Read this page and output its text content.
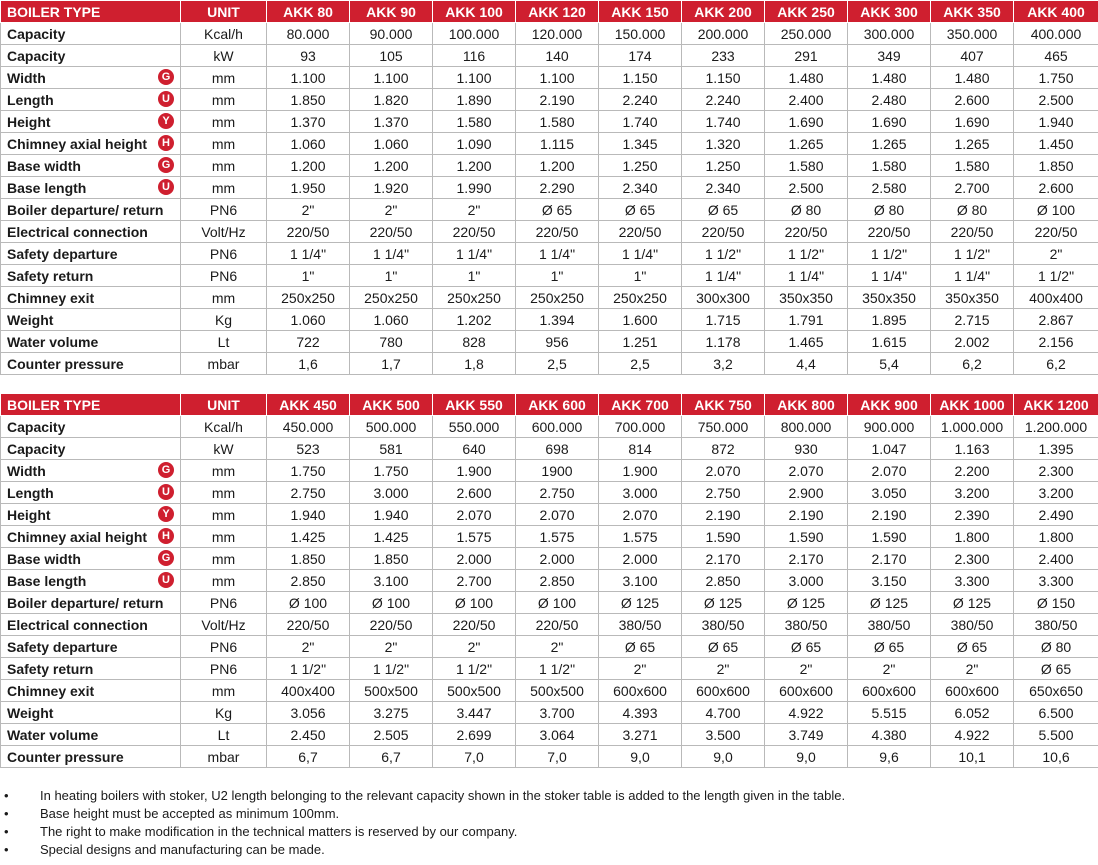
BOILER TYPE	UNIT	AKK 80	AKK 90	AKK 100	AKK 120	AKK 150	AKK 200	AKK 250	AKK 300	AKK 350	AKK 400
Capacity	Kcal/h	80.000	90.000	100.000	120.000	150.000	200.000	250.000	300.000	350.000	400.000
Capacity	kW	93	105	116	140	174	233	291	349	407	465
Width G	mm	1.100	1.100	1.100	1.100	1.150	1.150	1.480	1.480	1.480	1.750
Length U	mm	1.850	1.820	1.890	2.190	2.240	2.240	2.400	2.480	2.600	2.500
Height Y	mm	1.370	1.370	1.580	1.580	1.740	1.740	1.690	1.690	1.690	1.940
Chimney axial height H	mm	1.060	1.060	1.090	1.115	1.345	1.320	1.265	1.265	1.265	1.450
Base width G	mm	1.200	1.200	1.200	1.200	1.250	1.250	1.580	1.580	1.580	1.850
Base length U	mm	1.950	1.920	1.990	2.290	2.340	2.340	2.500	2.580	2.700	2.600
Boiler departure/ return	PN6	2"	2"	2"	Ø 65	Ø 65	Ø 65	Ø 80	Ø 80	Ø 80	Ø 100
Electrical connection	Volt/Hz	220/50	220/50	220/50	220/50	220/50	220/50	220/50	220/50	220/50	220/50
Safety departure	PN6	1 1/4"	1 1/4"	1 1/4"	1 1/4"	1 1/4"	1 1/2"	1 1/2"	1 1/2"	1 1/2"	2"
Safety return	PN6	1"	1"	1"	1"	1"	1 1/4"	1 1/4"	1 1/4"	1 1/4"	1 1/2"
Chimney exit	mm	250x250	250x250	250x250	250x250	250x250	300x300	350x350	350x350	350x350	400x400
Weight	Kg	1.060	1.060	1.202	1.394	1.600	1.715	1.791	1.895	2.715	2.867
Water volume	Lt	722	780	828	956	1.251	1.178	1.465	1.615	2.002	2.156
Counter pressure	mbar	1,6	1,7	1,8	2,5	2,5	3,2	4,4	5,4	6,2	6,2
BOILER TYPE	UNIT	AKK 450	AKK 500	AKK 550	AKK 600	AKK 700	AKK 750	AKK 800	AKK 900	AKK 1000	AKK 1200
Capacity	Kcal/h	450.000	500.000	550.000	600.000	700.000	750.000	800.000	900.000	1.000.000	1.200.000
Capacity	kW	523	581	640	698	814	872	930	1.047	1.163	1.395
Width G	mm	1.750	1.750	1.900	1900	1.900	2.070	2.070	2.070	2.200	2.300
Length U	mm	2.750	3.000	2.600	2.750	3.000	2.750	2.900	3.050	3.200	3.200
Height Y	mm	1.940	1.940	2.070	2.070	2.070	2.190	2.190	2.190	2.390	2.490
Chimney axial height H	mm	1.425	1.425	1.575	1.575	1.575	1.590	1.590	1.590	1.800	1.800
Base width G	mm	1.850	1.850	2.000	2.000	2.000	2.170	2.170	2.170	2.300	2.400
Base length U	mm	2.850	3.100	2.700	2.850	3.100	2.850	3.000	3.150	3.300	3.300
Boiler departure/ return	PN6	Ø 100	Ø 100	Ø 100	Ø 100	Ø 125	Ø 125	Ø 125	Ø 125	Ø 125	Ø 150
Electrical connection	Volt/Hz	220/50	220/50	220/50	220/50	380/50	380/50	380/50	380/50	380/50	380/50
Safety departure	PN6	2"	2"	2"	2"	Ø 65	Ø 65	Ø 65	Ø 65	Ø 65	Ø 80
Safety return	PN6	1 1/2"	1 1/2"	1 1/2"	1 1/2"	2"	2"	2"	2"	2"	Ø 65
Chimney exit	mm	400x400	500x500	500x500	500x500	600x600	600x600	600x600	600x600	600x600	650x650
Weight	Kg	3.056	3.275	3.447	3.700	4.393	4.700	4.922	5.515	6.052	6.500
Water volume	Lt	2.450	2.505	2.699	3.064	3.271	3.500	3.749	4.380	4.922	5.500
Counter pressure	mbar	6,7	6,7	7,0	7,0	9,0	9,0	9,0	9,6	10,1	10,6
• In heating boilers with stoker, U2 length belonging to the relevant capacity shown in the stoker table is added to the length given in the table.
• Base height must be accepted as minimum 100mm.
• The right to make modification in the technical matters is reserved by our company.
• Special designs and manufacturing can be made.
